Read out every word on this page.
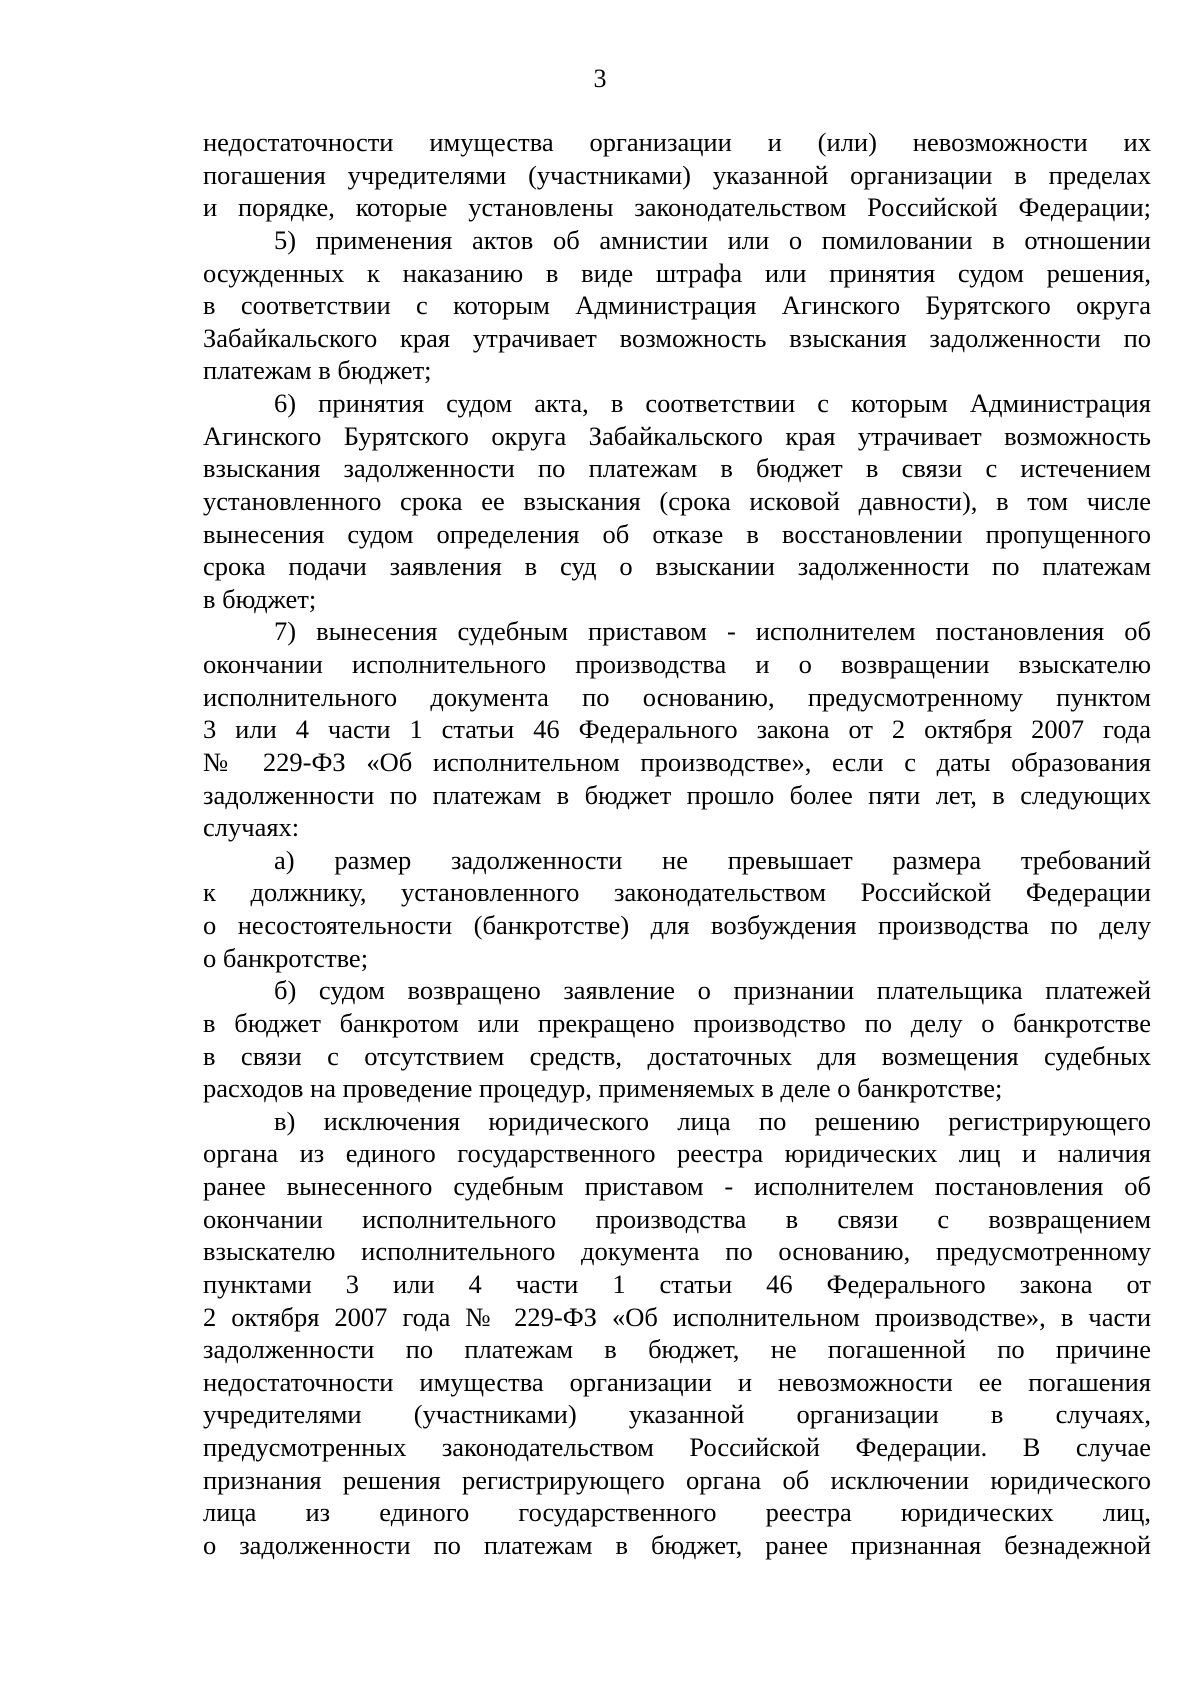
3
недостаточности имущества организации и (или) невозможности их
погашения учредителями (участниками) указанной организации в пределах
и порядке, которые установлены законодательством Российской Федерации;
5) применения актов об амнистии или о помиловании в отношении
осужденных к наказанию в виде штрафа или принятия судом решения,
в соответствии с которым Администрация Агинского Бурятского округа
Забайкальского края утрачивает возможность взыскания задолженности по
платежам в бюджет;
6) принятия судом акта, в соответствии с которым Администрация
Агинского Бурятского округа Забайкальского края утрачивает возможность
взыскания задолженности по платежам в бюджет в связи с истечением
установленного срока ее взыскания (срока исковой давности), в том числе
вынесения судом определения об отказе в восстановлении пропущенного
срока подачи заявления в суд о взыскании задолженности по платежам
в бюджет;
7) вынесения судебным приставом - исполнителем постановления об
окончании исполнительного производства и о возвращении взыскателю
исполнительного документа по основанию, предусмотренному пунктом
3 или 4 части 1 статьи 46 Федерального закона от 2 октября 2007 года
№ 229-ФЗ «Об исполнительном производстве», если с даты образования
задолженности по платежам в бюджет прошло более пяти лет, в следующих
случаях:
а) размер задолженности не превышает размера требований
к должнику, установленного законодательством Российской Федерации
о несостоятельности (банкротстве) для возбуждения производства по делу
о банкротстве;
б) судом возвращено заявление о признании плательщика платежей
в бюджет банкротом или прекращено производство по делу о банкротстве
в связи с отсутствием средств, достаточных для возмещения судебных
расходов на проведение процедур, применяемых в деле о банкротстве;
в) исключения юридического лица по решению регистрирующего
органа из единого государственного реестра юридических лиц и наличия
ранее вынесенного судебным приставом - исполнителем постановления об
окончании исполнительного производства в связи с возвращением
взыскателю исполнительного документа по основанию, предусмотренному
пунктами 3 или 4 части 1 статьи 46 Федерального закона от
2 октября 2007 года № 229-ФЗ «Об исполнительном производстве», в части
задолженности по платежам в бюджет, не погашенной по причине
недостаточности имущества организации и невозможности ее погашения
учредителями (участниками) указанной организации в случаях,
предусмотренных законодательством Российской Федерации. В случае
признания решения регистрирующего органа об исключении юридического
лица из единого государственного реестра юридических лиц,
о задолженности по платежам в бюджет, ранее признанная безнадежной
